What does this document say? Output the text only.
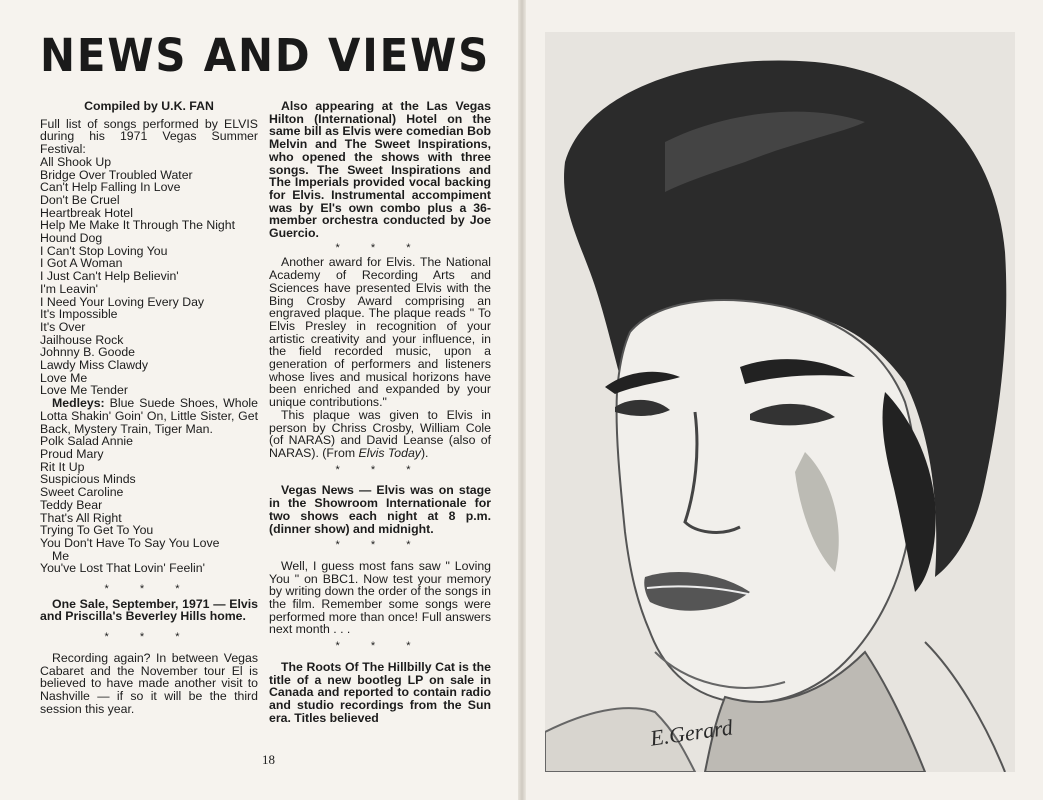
NEWS AND VIEWS

Compiled by U.K. FAN

Full list of songs performed by ELVIS during his 1971 Vegas Summer Festival:

All Shook Up

Bridge Over Troubled Water

Can't Help Falling In Love

Don't Be Cruel

Heartbreak Hotel

Help Me Make It Through The Night

Hound Dog

I Can't Stop Loving You

I Got A Woman

I Just Can't Help Believin'

I'm Leavin'

I Need Your Loving Every Day

It's Impossible

It's Over

Jailhouse Rock

Johnny B. Goode

Lawdy Miss Clawdy

Love Me

Love Me Tender

Medleys: Blue Suede Shoes, Whole Lotta Shakin' Goin' On, Little Sister, Get Back, Mystery Train, Tiger Man.

Polk Salad Annie

Proud Mary

Rit It Up

Suspicious Minds

Sweet Caroline

Teddy Bear

That's All Right

Trying To Get To You

You Don't Have To Say You Love

Me

You've Lost That Lovin' Feelin'

* * *

One Sale, September, 1971 — Elvis and Priscilla's Beverley Hills home.

* * *

Recording again? In between Vegas Cabaret and the November tour El is believed to have made another visit to Nashville — if so it will be the third session this year.

Also appearing at the Las Vegas Hilton (International) Hotel on the same bill as Elvis were comedian Bob Melvin and The Sweet Inspirations, who opened the shows with three songs. The Sweet Inspirations and The Imperials provided vocal backing for Elvis. Instrumental accompiment was by El's own combo plus a 36-member orchestra conducted by Joe Guercio.

* * *

Another award for Elvis. The National Academy of Recording Arts and Sciences have presented Elvis with the Bing Crosby Award comprising an engraved plaque. The plaque reads " To Elvis Presley in recognition of your artistic creativity and your influence, in the field recorded music, upon a generation of performers and listeners whose lives and musical horizons have been enriched and expanded by your unique contributions."

This plaque was given to Elvis in person by Chriss Crosby, William Cole (of NARAS) and David Leanse (also of NARAS). (From Elvis Today).

* * *

Vegas News — Elvis was on stage in the Showroom Internationale for two shows each night at 8 p.m. (dinner show) and midnight.

* * *

Well, I guess most fans saw " Loving You " on BBC1. Now test your memory by writing down the order of the songs in the film. Remember some songs were performed more than once! Full answers next month . . .

* * *

The Roots Of The Hillbilly Cat is the title of a new bootleg LP on sale in Canada and reported to contain radio and studio recordings from the Sun era. Titles believed

18
E.Gerard
